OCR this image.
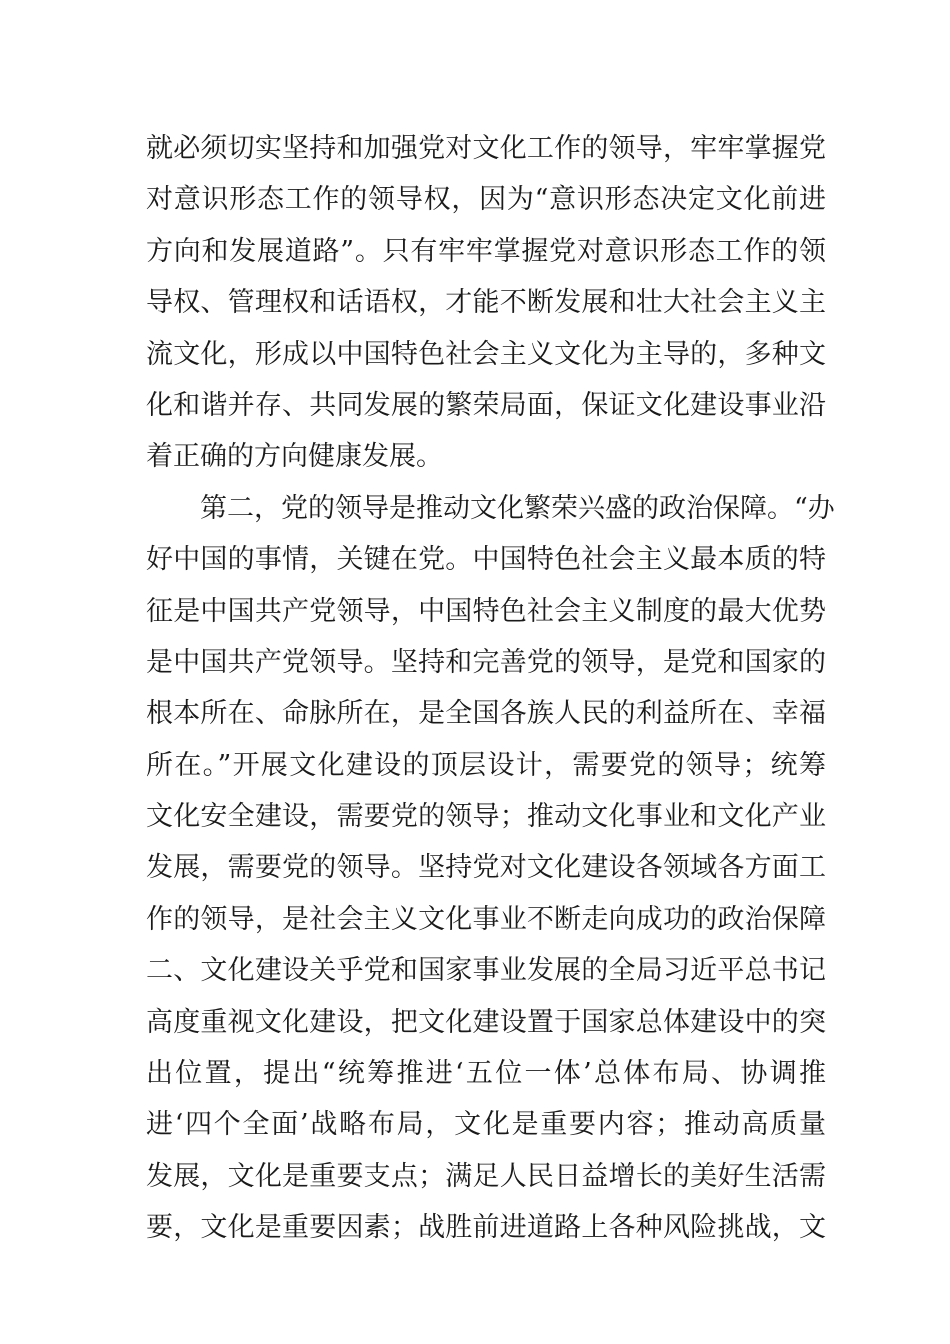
就必须切实坚持和加强党对文化工作的领导，牢牢掌握党
对意识形态工作的领导权，因为“意识形态决定文化前进
方向和发展道路”。只有牢牢掌握党对意识形态工作的领
导权、管理权和话语权，才能不断发展和壮大社会主义主
流文化，形成以中国特色社会主义文化为主导的，多种文
化和谐并存、共同发展的繁荣局面，保证文化建设事业沿
着正确的方向健康发展。
　　第二，党的领导是推动文化繁荣兴盛的政治保障。“办
好中国的事情，关键在党。中国特色社会主义最本质的特
征是中国共产党领导，中国特色社会主义制度的最大优势
是中国共产党领导。坚持和完善党的领导，是党和国家的
根本所在、命脉所在，是全国各族人民的利益所在、幸福
所在。”开展文化建设的顶层设计，需要党的领导；统筹
文化安全建设，需要党的领导；推动文化事业和文化产业
发展，需要党的领导。坚持党对文化建设各领域各方面工
作的领导，是社会主义文化事业不断走向成功的政治保障
二、文化建设关乎党和国家事业发展的全局习近平总书记
高度重视文化建设，把文化建设置于国家总体建设中的突
出位置，提出“统筹推进‘五位一体’总体布局、协调推
进‘四个全面’战略布局，文化是重要内容；推动高质量
发展，文化是重要支点；满足人民日益增长的美好生活需
要，文化是重要因素；战胜前进道路上各种风险挑战，文
